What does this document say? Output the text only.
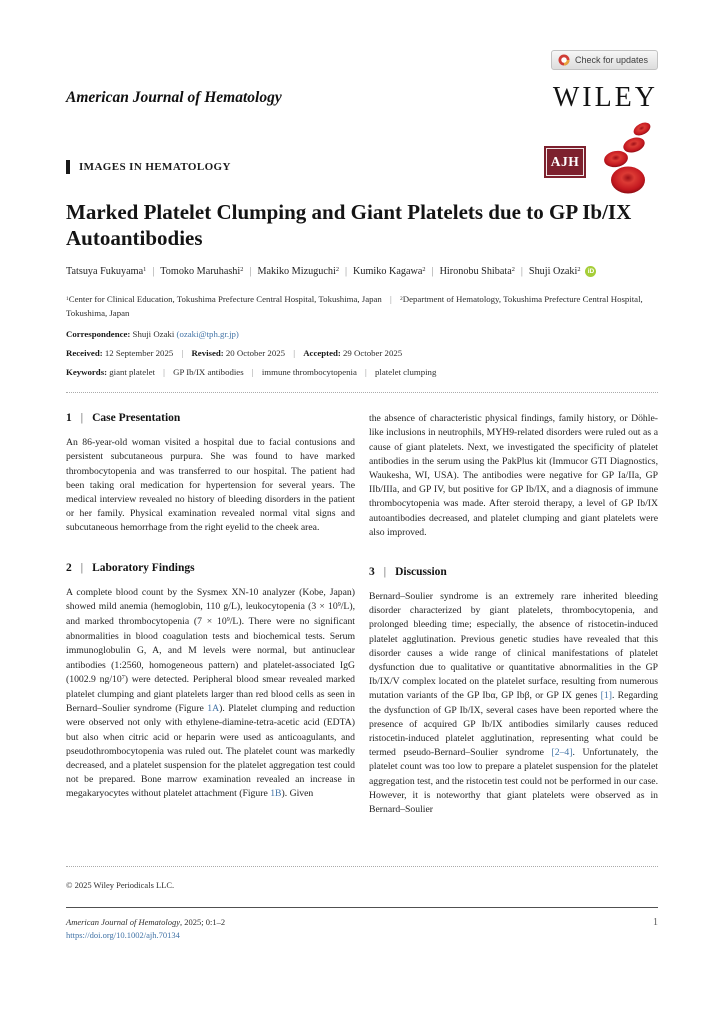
Check for updates
American Journal of Hematology	WILEY
AJH
IMAGES IN HEMATOLOGY
Marked Platelet Clumping and Giant Platelets due to GP Ib/IX Autoantibodies
Tatsuya Fukuyama$^1$ | Tomoko Maruhashi$^2$ | Makiko Mizuguchi$^2$ | Kumiko Kagawa$^2$ | Hironobu Shibata$^2$ | Shuji Ozaki$^2$	iD
$^1$Center for Clinical Education, Tokushima Prefecture Central Hospital, Tokushima, Japan | $^2$Department of Hematology, Tokushima Prefecture Central Hospital, Tokushima, Japan
Correspondence: Shuji Ozaki (ozaki@tph.gr.jp)
Received: 12 September 2025 | Revised: 20 October 2025 | Accepted: 29 October 2025
Keywords: giant platelet | GP Ib/IX antibodies | immune thrombocytopenia | platelet clumping
1 | Case Presentation

An 86-year-old woman visited a hospital due to facial contusions and persistent subcutaneous purpura. She was found to have marked thrombocytopenia and was transferred to our hospital. The patient had been taking oral medication for hypertension for several years. The medical interview revealed no history of bleeding disorders in the patient or her family. Physical examination revealed normal vital signs and subcutaneous hemorrhage from the right eyelid to the cheek area.

2 | Laboratory Findings

A complete blood count by the Sysmex XN-10 analyzer (Kobe, Japan) showed mild anemia (hemoglobin, 110 g/L), leukocytopenia $(3 \times 10^9/L)$, and marked thrombocytopenia $(7 \times 10^9/L)$. There were no significant abnormalities in blood coagulation tests and biochemical tests. Serum immunoglobulin G, A, and M levels were normal, but antinuclear antibodies (1:2560, homogeneous pattern) and platelet-associated IgG (1002.9 $ng/10^7$) were detected. Peripheral blood smear revealed marked platelet clumping and giant platelets larger than red blood cells as seen in Bernard–Soulier syndrome (Figure 1A). Platelet clumping and reduction were observed not only with ethylene-diamine-tetra-acetic acid (EDTA) but also when citric acid or heparin were used as anticoagulants, and pseudothrombocytopenia was ruled out. The platelet count was markedly decreased, and a platelet suspension for the platelet aggregation test could not be prepared. Bone marrow examination revealed an increase in megakaryocytes without platelet attachment (Figure 1B). Given

the absence of characteristic physical findings, family history, or Döhle-like inclusions in neutrophils, MYH9-related disorders were ruled out as a cause of giant platelets. Next, we investigated the specificity of platelet antibodies in the serum using the PakPlus kit (Immucor GTI Diagnostics, Waukesha, WI, USA). The antibodies were negative for GP Ia/IIa, GP IIb/IIIa, and GP IV, but positive for GP Ib/IX, and a diagnosis of immune thrombocytopenia was made. After steroid therapy, a level of GP Ib/IX autoantibodies decreased, and platelet clumping and giant platelets were also improved.

3 | Discussion

Bernard–Soulier syndrome is an extremely rare inherited bleeding disorder characterized by giant platelets, thrombocytopenia, and prolonged bleeding time; especially, the absence of ristocetin-induced platelet agglutination. Previous genetic studies have revealed that this disorder causes a wide range of clinical manifestations of platelet dysfunction due to qualitative or quantitative abnormalities in the GP Ib/IX/V complex located on the platelet surface, resulting from numerous mutation variants of the GP Ibα, GP Ibβ, or GP IX genes [1]. Regarding the dysfunction of GP Ib/IX, several cases have been reported where the presence of acquired GP Ib/IX antibodies similarly causes reduced ristocetin-induced platelet agglutination, representing what could be termed pseudo-Bernard–Soulier syndrome [2–4]. Unfortunately, the platelet count was too low to prepare a platelet suspension for the platelet aggregation test, and the ristocetin test could not be performed in our case. However, it is noteworthy that giant platelets were observed as in Bernard–Soulier

© 2025 Wiley Periodicals LLC.
American Journal of Hematology, 2025; 0:1–2
https://doi.org/10.1002/ajh.70134
1
